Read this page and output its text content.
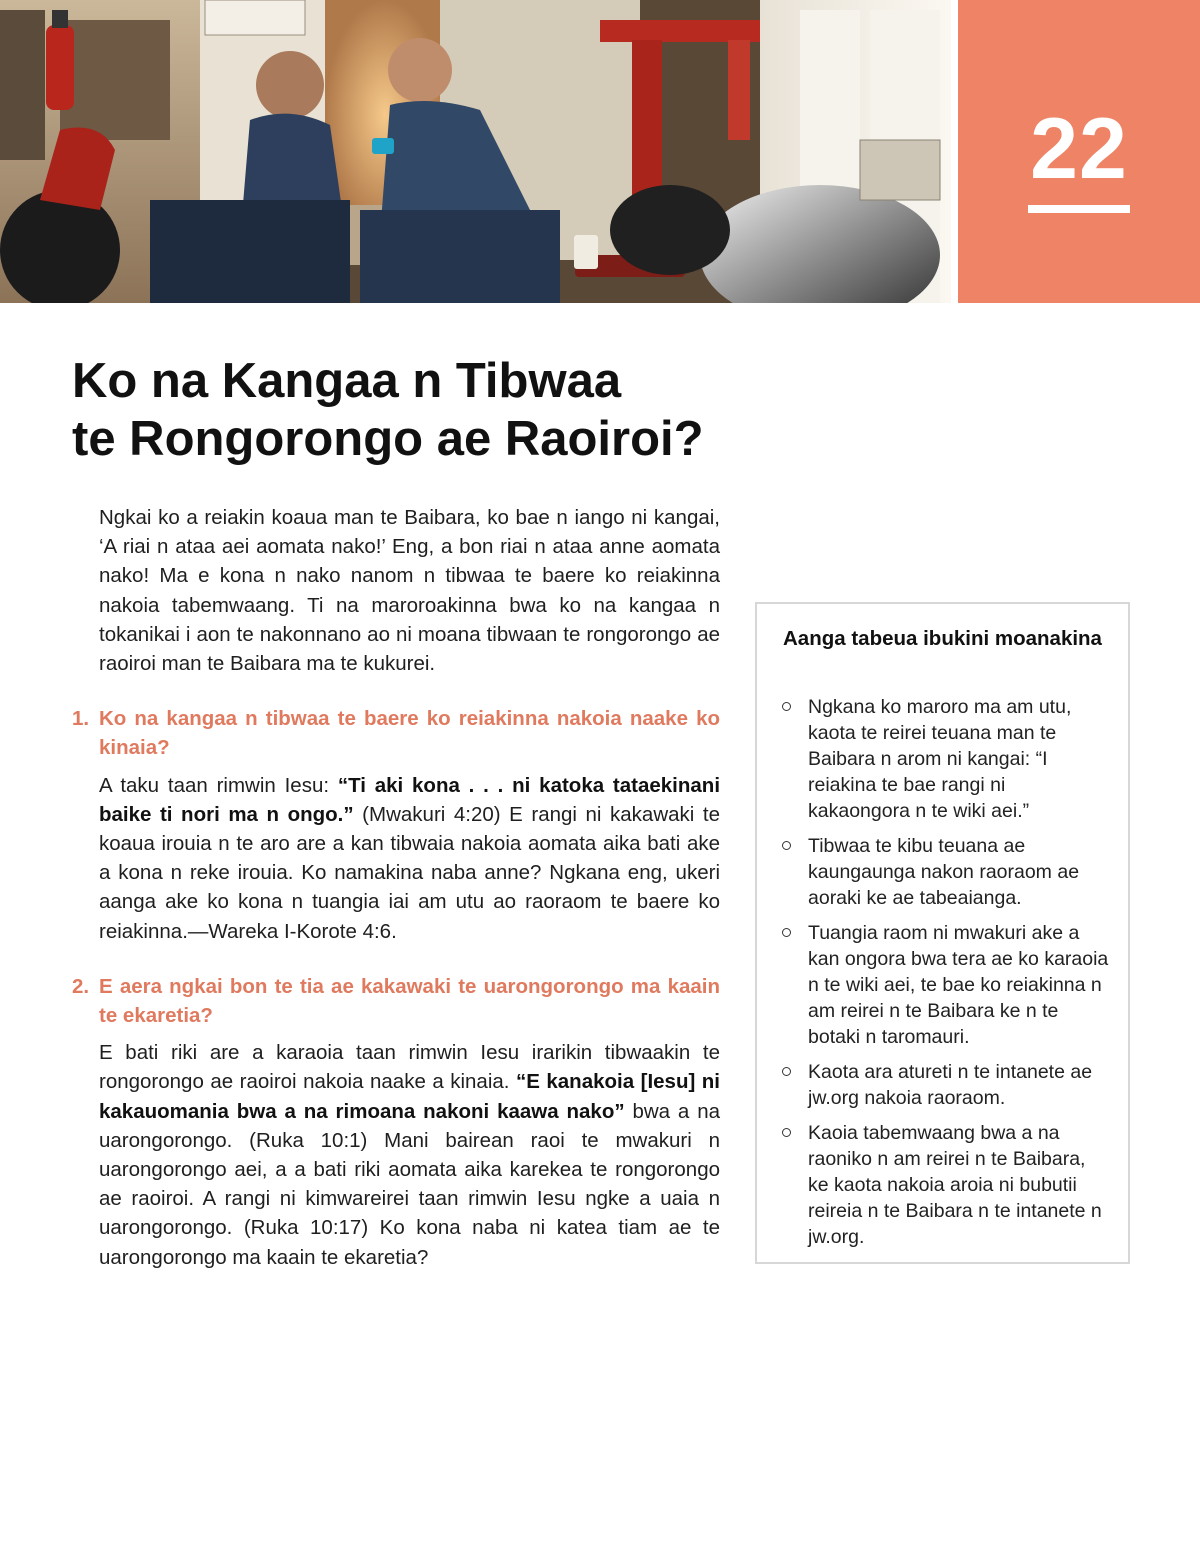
22
Ko na Kangaa n Tibwaa
te Rongorongo ae Raoiroi?

Ngkai ko a reiakin koaua man te Baibara, ko bae n iango ni kangai, ‘A riai n ataa aei aomata nako!’ Eng, a bon riai n ataa anne aomata nako! Ma e kona n nako nanom n tibwaa te baere ko reiakinna nakoia tabemwaang. Ti na maroroakinna bwa ko na kangaa n tokanikai i aon te nakonnano ao ni moana tibwaan te rongorongo ae raoiroi man te Baibara ma te kukurei.

1. Ko na kangaa n tibwaa te baere ko reiakinna nakoia naake ko kinaia?

A taku taan rimwin Iesu: “Ti aki kona . . . ni katoka tataekinani baike ti nori ma n ongo.” (Mwakuri 4:20) E rangi ni kakawaki te koaua irouia n te aro are a kan tibwaia nakoia aomata aika bati ake a kona n reke irouia. Ko namakina naba anne? Ngkana eng, ukeri aanga ake ko kona n tuangia iai am utu ao raoraom te baere ko reiakinna.—Wareka I-Korote 4:6.

2. E aera ngkai bon te tia ae kakawaki te uarongorongo ma kaain te ekaretia?

E bati riki are a karaoia taan rimwin Iesu irarikin tibwaakin te rongorongo ae raoiroi nakoia naake a kinaia. “E kanakoia [Iesu] ni kakauomania bwa a na rimoana nakoni kaawa nako” bwa a na uarongorongo. (Ruka 10:1) Mani bairean raoi te mwakuri n uarongorongo aei, a a bati riki aomata aika karekea te rongorongo ae raoiroi. A rangi ni kimwareirei taan rimwin Iesu ngke a uaia n uarongorongo. (Ruka 10:17) Ko kona naba ni katea tiam ae te uarongorongo ma kaain te ekaretia?

Aanga tabeua ibukini moanakina
Ngkana ko maroro ma am utu, kaota te reirei teuana man te Baibara n arom ni kangai: “I reiakina te bae rangi ni kakaongora n te wiki aei.”
Tibwaa te kibu teuana ae kaungaunga nakon raoraom ae aoraki ke ae tabeaianga.
Tuangia raom ni mwakuri ake a kan ongora bwa tera ae ko karaoia n te wiki aei, te bae ko reiakinna n am reirei n te Baibara ke n te botaki n taromauri.
Kaota ara atureti n te intanete ae jw.org nakoia raoraom.
Kaoia tabemwaang bwa a na raoniko n am reirei n te Baibara, ke kaota nakoia aroia ni bubutii reireia n te Baibara n te intanete n jw.org.
